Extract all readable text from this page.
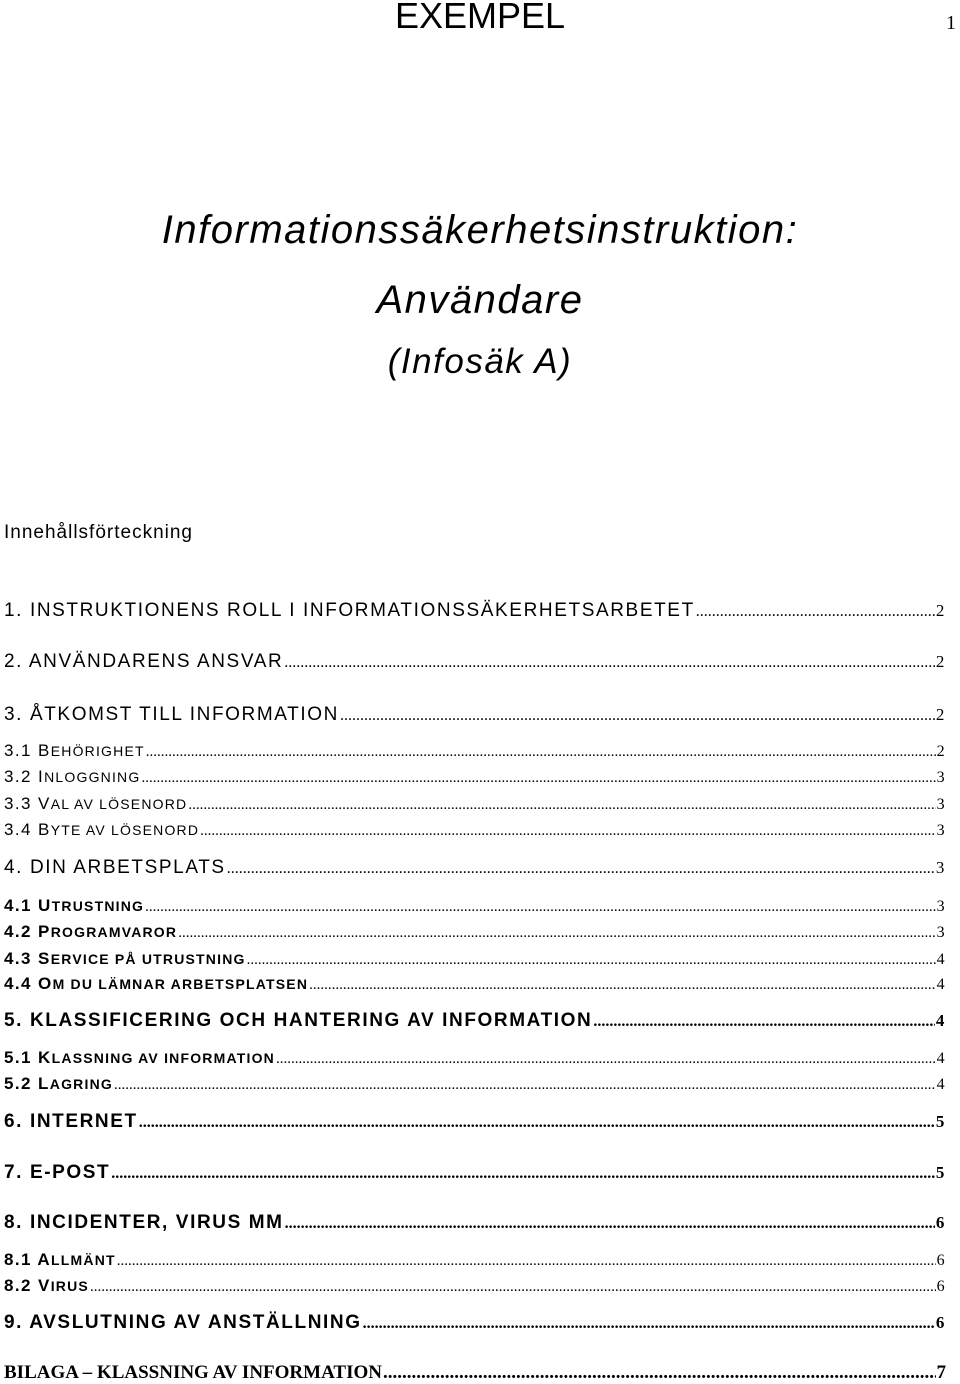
EXEMPEL	1
Informationssäkerhetsinstruktion:
Användare
(Infosäk A)
Innehållsförteckning
1. INSTRUKTIONENS ROLL I INFORMATIONSSÄKERHETSARBETET .....	2
2. ANVÄNDARENS ANSVAR .....	2
3. ÅTKOMST TILL INFORMATION .....	2
3.1 BEHÖRIGHET .....	2
3.2 INLOGGNING .....	3
3.3 VAL AV LÖSENORD .....	3
3.4 BYTE AV LÖSENORD .....	3
4. DIN ARBETSPLATS .....	3
4.1 UTRUSTNING .....	3
4.2 PROGRAMVAROR .....	3
4.3 SERVICE PÅ UTRUSTNING .....	4
4.4 OM DU LÄMNAR ARBETSPLATSEN .....	4
5. KLASSIFICERING OCH HANTERING AV INFORMATION .....	4
5.1 KLASSNING AV INFORMATION .....	4
5.2 LAGRING .....	4
6. INTERNET .....	5
7. E-POST .....	5
8. INCIDENTER, VIRUS MM .....	6
8.1 ALLMÄNT .....	6
8.2 VIRUS .....	6
9. AVSLUTNING AV ANSTÄLLNING .....	6
BILAGA – KLASSNING AV INFORMATION .....	7
